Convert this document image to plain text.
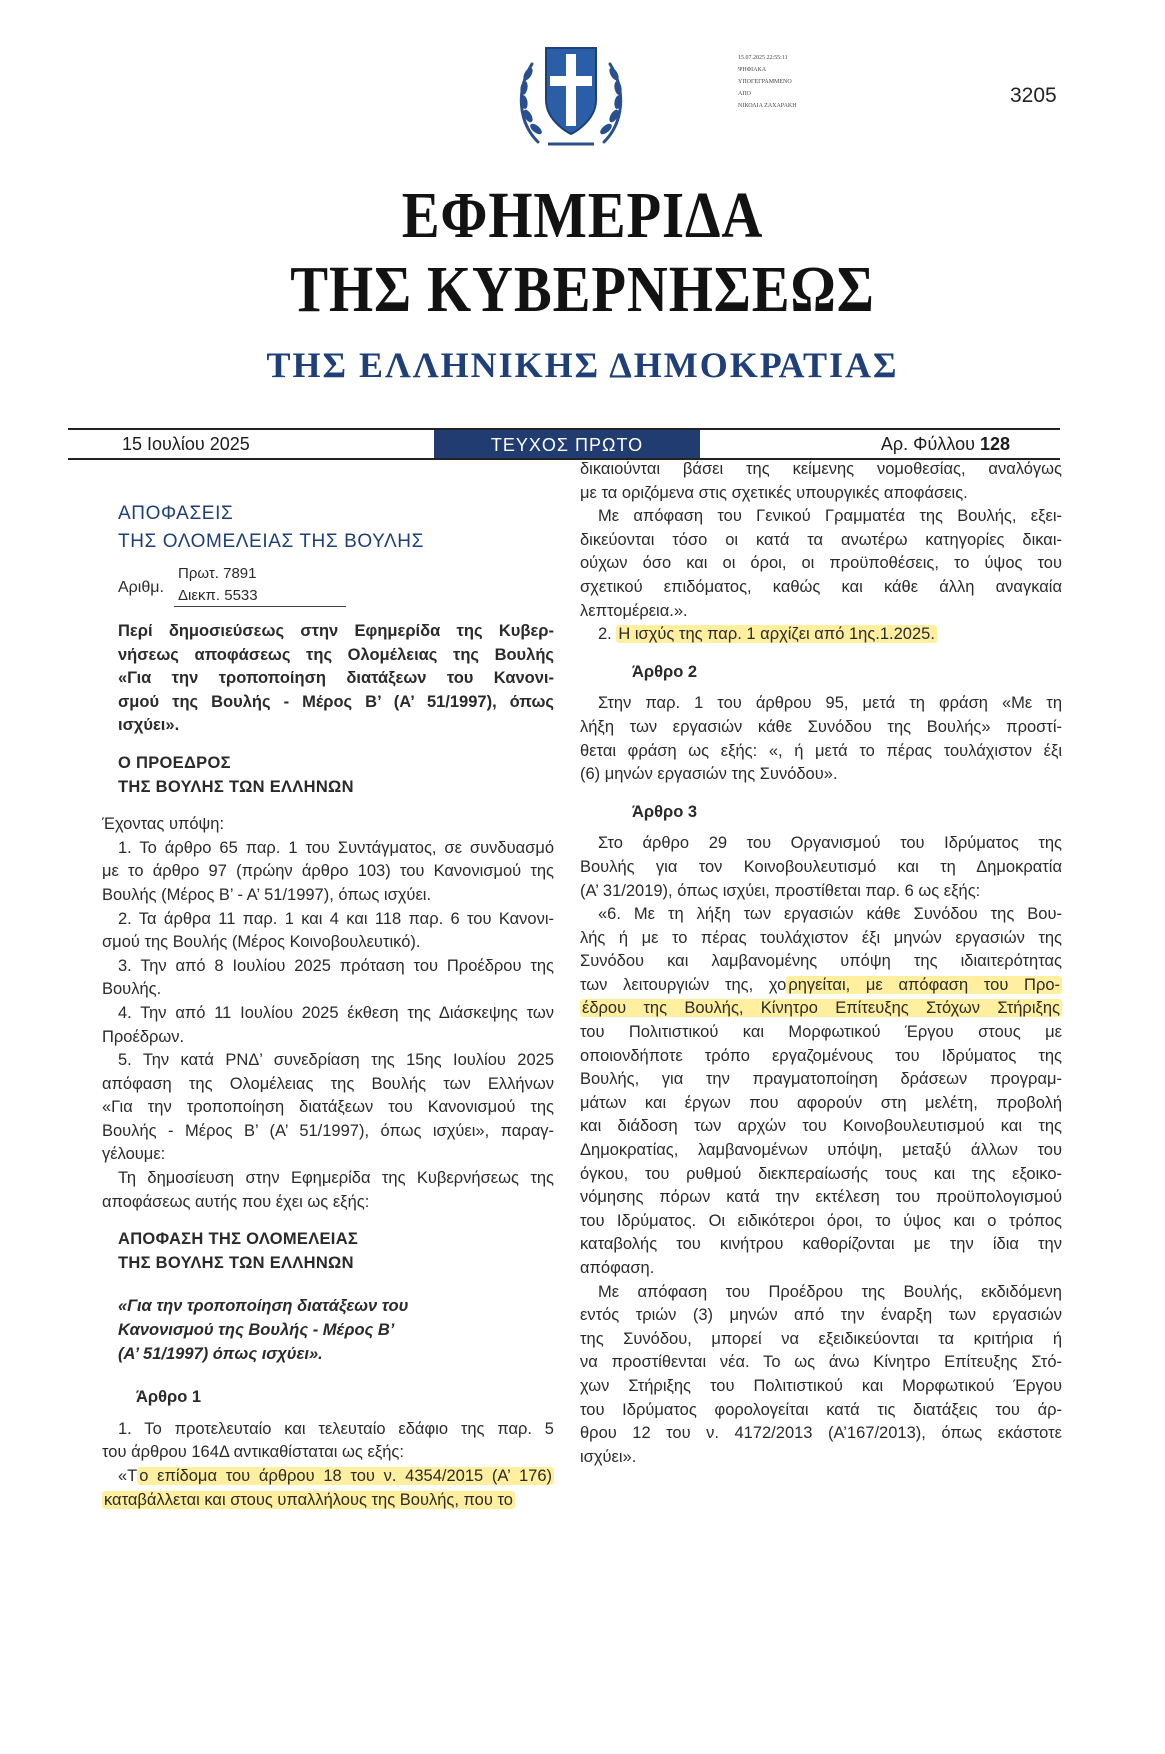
15.07.2025 22:55:11
ΨΗΦΙΑΚΑ
ΥΠΟΓΕΓΡΑΜΜΕΝΟ
ΑΠΟ
ΝΙΚΟΛΙΑ ΖΑΧΑΡΑΚΗ	3205
ΕΦΗΜΕΡΙΔΑ
ΤΗΣ ΚΥΒΕΡΝΗΣΕΩΣ
ΤΗΣ ΕΛΛΗΝΙΚΗΣ ΔΗΜΟΚΡΑΤΙΑΣ
15 Ιουλίου 2025	ΤΕΥΧΟΣ ΠΡΩΤΟ	Αρ. Φύλλου 128
ΑΠΟΦΑΣΕΙΣ
ΤΗΣ ΟΛΟΜΕΛΕΙΑΣ ΤΗΣ ΒΟΥΛΗΣ
Αριθμ.
Πρωτ. 7891
Διεκπ. 5533
Περί δημοσιεύσεως στην Εφημερίδα της Κυβερ-
νήσεως αποφάσεως της Ολομέλειας της Βουλής
«Για την τροποποίηση διατάξεων του Κανονι-
σμού της Βουλής - Μέρος Β’ (Α’ 51/1997), όπως
ισχύει».
Ο ΠΡΟΕΔΡΟΣ
ΤΗΣ ΒΟΥΛΗΣ ΤΩΝ ΕΛΛΗΝΩΝ
Έχοντας υπόψη:
1. Το άρθρο 65 παρ. 1 του Συντάγματος, σε συνδυασμό
με το άρθρο 97 (πρώην άρθρο 103) του Κανονισμού της
Βουλής (Μέρος Β’ - Α’ 51/1997), όπως ισχύει.
2. Τα άρθρα 11 παρ. 1 και 4 και 118 παρ. 6 του Κανονι-
σμού της Βουλής (Μέρος Κοινοβουλευτικό).
3. Την από 8 Ιουλίου 2025 πρόταση του Προέδρου της
Βουλής.
4. Την από 11 Ιουλίου 2025 έκθεση της Διάσκεψης των
Προέδρων.
5. Την κατά ΡΝΔ’ συνεδρίαση της 15ης Ιουλίου 2025
απόφαση της Ολομέλειας της Βουλής των Ελλήνων
«Για την τροποποίηση διατάξεων του Κανονισμού της
Βουλής - Μέρος Β’ (Α’ 51/1997), όπως ισχύει», παραγ-
γέλουμε:
Τη δημοσίευση στην Εφημερίδα της Κυβερνήσεως της
αποφάσεως αυτής που έχει ως εξής:
ΑΠΟΦΑΣΗ ΤΗΣ ΟΛΟΜΕΛΕΙΑΣ
ΤΗΣ ΒΟΥΛΗΣ ΤΩΝ ΕΛΛΗΝΩΝ
«Για την τροποποίηση διατάξεων του
Κανονισμού της Βουλής - Μέρος Β’
(Α’ 51/1997) όπως ισχύει».
Άρθρο 1
1. Το προτελευταίο και τελευταίο εδάφιο της παρ. 5
του άρθρου 164Δ αντικαθίσταται ως εξής:
«Τ ο επίδομα του άρθρου 18 του ν. 4354/2015 (Α’ 176)
καταβάλλεται και στους υπαλλήλους της Βουλής, που το
δικαιούνται βάσει της κείμενης νομοθεσίας, αναλόγως
με τα οριζόμενα στις σχετικές υπουργικές αποφάσεις.
Με απόφαση του Γενικού Γραμματέα της Βουλής, εξει-
δικεύονται τόσο οι κατά τα ανωτέρω κατηγορίες δικαι-
ούχων όσο και οι όροι, οι προϋποθέσεις, το ύψος του
σχετικού επιδόματος, καθώς και κάθε άλλη αναγκαία
λεπτομέρεια.».
2. Η ισχύς της παρ. 1 αρχίζει από 1ης.1.2025.
Άρθρο 2
Στην παρ. 1 του άρθρου 95, μετά τη φράση «Με τη
λήξη των εργασιών κάθε Συνόδου της Βουλής» προστί-
θεται φράση ως εξής: «, ή μετά το πέρας τουλάχιστον έξι
(6) μηνών εργασιών της Συνόδου».
Άρθρο 3
Στο άρθρο 29 του Οργανισμού του Ιδρύματος της
Βουλής για τον Κοινοβουλευτισμό και τη Δημοκρατία
(Α’ 31/2019), όπως ισχύει, προστίθεται παρ. 6 ως εξής:
«6. Με τη λήξη των εργασιών κάθε Συνόδου της Βου-
λής ή με το πέρας τουλάχιστον έξι μηνών εργασιών της
Συνόδου και λαμβανομένης υπόψη της ιδιαιτερότητας
των λειτουργιών της, χο ρηγείται, με απόφαση του Προ-
έδρου της Βουλής, Κίνητρο Επίτευξης Στόχων Στήριξης
του Πολιτιστικού και Μορφωτικού Έργου στους με
οποιονδήποτε τρόπο εργαζομένους του Ιδρύματος της
Βουλής, για την πραγματοποίηση δράσεων προγραμ-
μάτων και έργων που αφορούν στη μελέτη, προβολή
και διάδοση των αρχών του Κοινοβουλευτισμού και της
Δημοκρατίας, λαμβανομένων υπόψη, μεταξύ άλλων του
όγκου, του ρυθμού διεκπεραίωσής τους και της εξοικο-
νόμησης πόρων κατά την εκτέλεση του προϋπολογισμού
του Ιδρύματος. Οι ειδικότεροι όροι, το ύψος και ο τρόπος
καταβολής του κινήτρου καθορίζονται με την ίδια την
απόφαση.
Με απόφαση του Προέδρου της Βουλής, εκδιδόμενη
εντός τριών (3) μηνών από την έναρξη των εργασιών
της Συνόδου, μπορεί να εξειδικεύονται τα κριτήρια ή
να προστίθενται νέα. Το ως άνω Κίνητρο Επίτευξης Στό-
χων Στήριξης του Πολιτιστικού και Μορφωτικού Έργου
του Ιδρύματος φορολογείται κατά τις διατάξεις του άρ-
θρου 12 του ν. 4172/2013 (Α’167/2013), όπως εκάστοτε
ισχύει».
